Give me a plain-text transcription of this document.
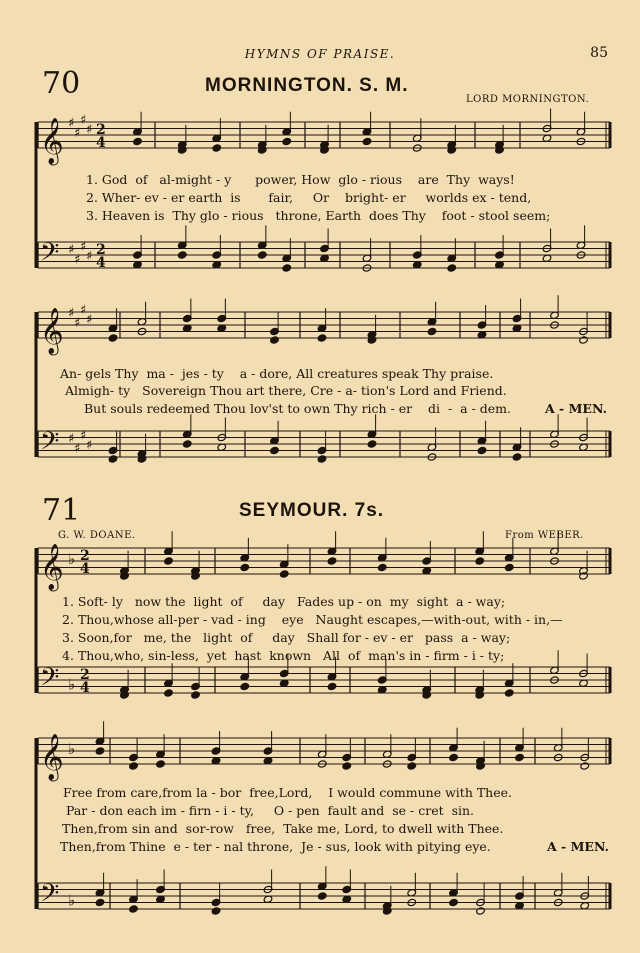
𝄞 ♯
♯
♯
♯ 2
4
𝄢 ♯
♯
♯
♯ 2
4
𝄞 ♯
♯
♯
♯
𝄢 ♯
♯
♯
♯
𝄞 ♭ 2
4
𝄢 ♭
2
4
𝄞 ♭
𝄢 ♭
HYMNS OF PRAISE.	85
70	MORNINGTON. S. M.
LORD MORNINGTON.
1. God  of   al-might - y      power, How  glo - rious    are  Thy  ways!
2. Wher- ev - er earth  is       fair,     Or    bright- er     worlds ex - tend,
3. Heaven is  Thy glo - rious   throne, Earth  does Thy    foot - stool seem;
An- gels Thy  ma -  jes - ty    a - dore, All creatures speak Thy praise.
Almigh- ty   Sovereign Thou art there, Cre - a- tion's Lord and Friend.
But souls redeemed Thou lov'st to own Thy rich - er    di  -  a - dem.	A - MEN.
71	SEYMOUR. 7s.
G. W. DOANE.	From WEBER.
1. Soft- ly   now the  light  of     day   Fades up - on  my  sight  a - way;
2. Thou,whose all-per - vad - ing    eye   Naught escapes,—with-out, with - in,—
3. Soon,for   me, the   light  of     day   Shall for - ev - er   pass  a - way;
4. Thou,who, sin-less,  yet  hast  known   All  of  man's in - firm - i - ty;
Free from care,from la - bor  free,Lord,    I would commune with Thee.
Par - don each im - firn - i - ty,     O - pen  fault and  se - cret  sin.
Then,from sin and  sor-row   free,  Take me, Lord, to dwell with Thee.
Then,from Thine  e - ter - nal throne,  Je - sus, look with pitying eye.	A - MEN.
